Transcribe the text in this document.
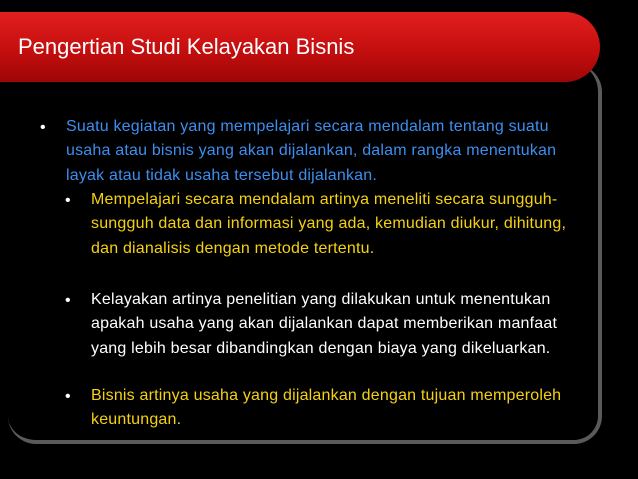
Pengertian Studi Kelayakan Bisnis
•	Suatu kegiatan yang mempelajari secara mendalam tentang suatu usaha atau bisnis yang akan dijalankan, dalam rangka menentukan layak atau tidak usaha tersebut dijalankan.
•	Mempelajari secara mendalam artinya meneliti secara sungguh-sungguh data dan informasi yang ada, kemudian diukur, dihitung, dan dianalisis dengan metode tertentu.
•	Kelayakan artinya penelitian yang dilakukan untuk menentukan apakah usaha yang akan dijalankan dapat memberikan manfaat yang lebih besar dibandingkan dengan biaya yang dikeluarkan.
•	Bisnis artinya usaha yang dijalankan dengan tujuan memperoleh keuntungan.
